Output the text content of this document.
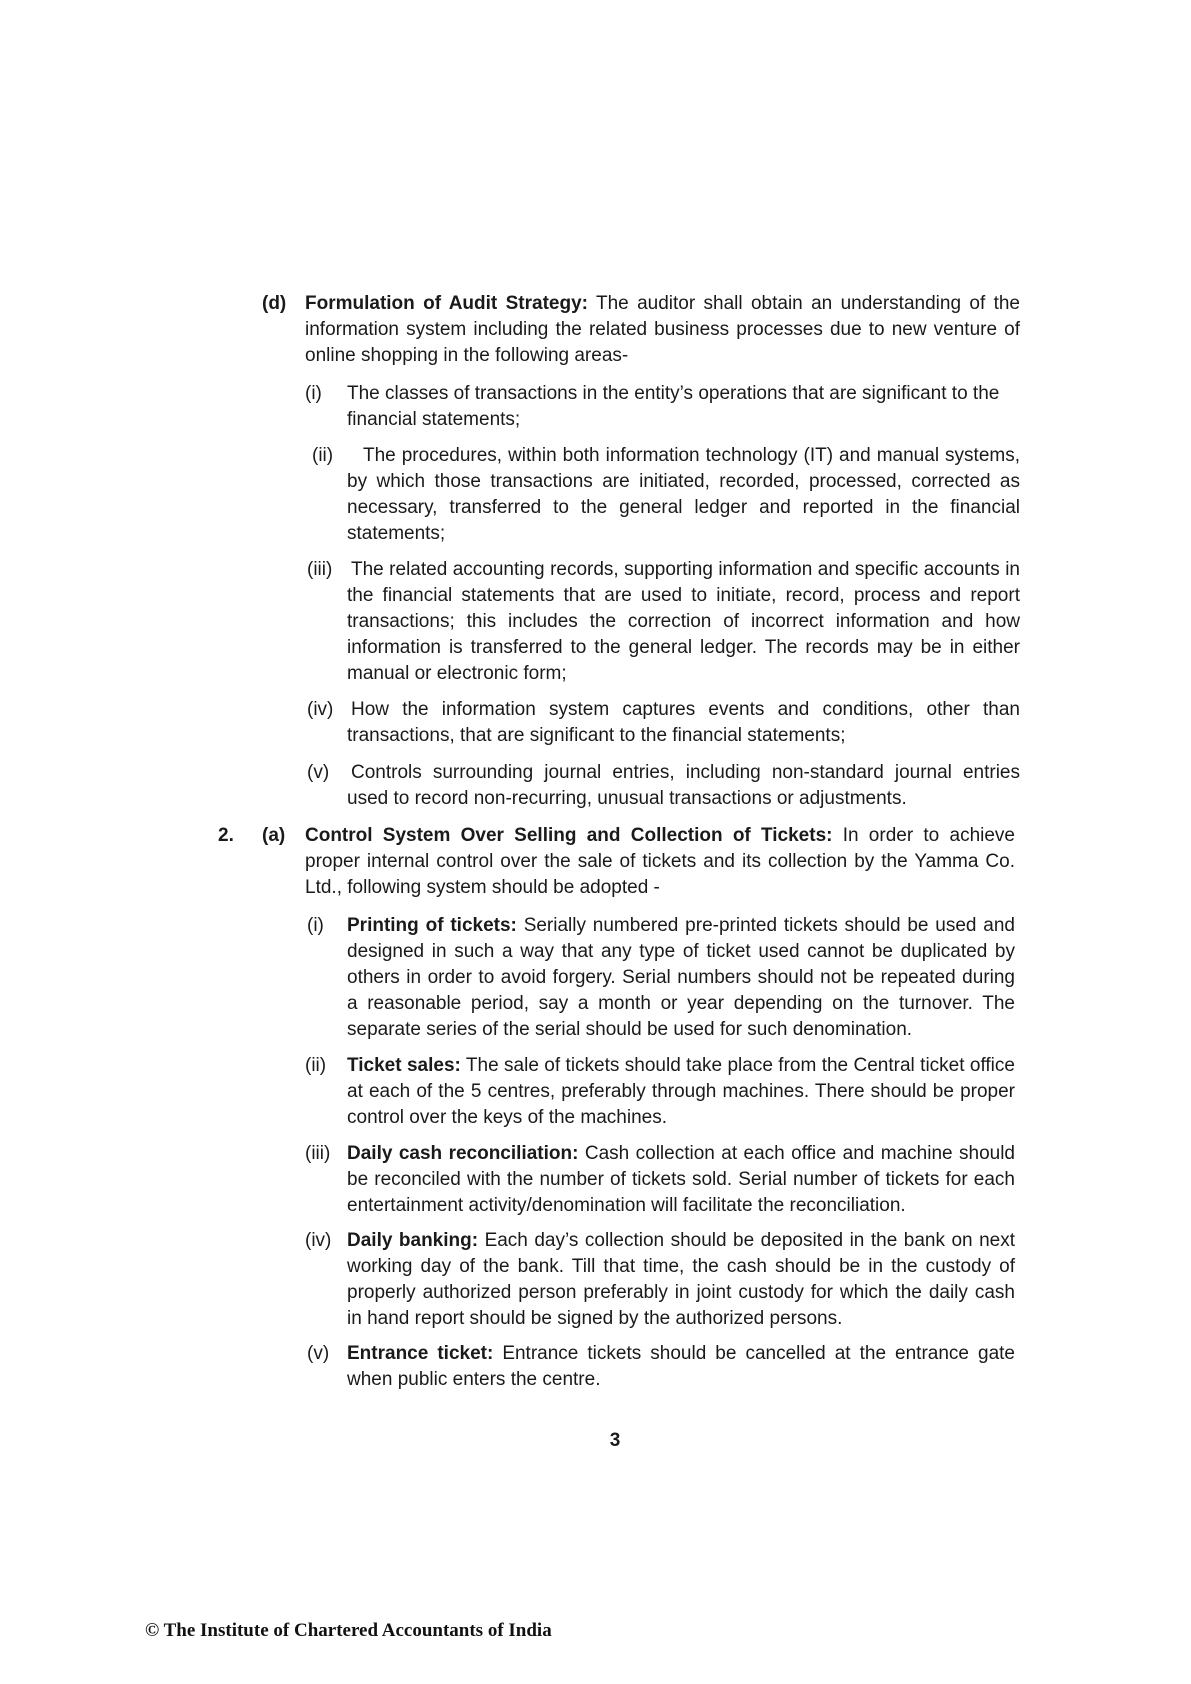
(d) Formulation of Audit Strategy: The auditor shall obtain an understanding of the information system including the related business processes due to new venture of online shopping in the following areas-
(i) The classes of transactions in the entity’s operations that are significant to the financial statements;
(ii)	The procedures, within both information technology (IT) and manual systems, by which those transactions are initiated, recorded, processed, corrected as necessary, transferred to the general ledger and reported in the financial statements;
(iii) The related accounting records, supporting information and specific accounts in the financial statements that are used to initiate, record, process and report transactions; this includes the correction of incorrect information and how information is transferred to the general ledger. The records may be in either manual or electronic form;
(iv) How the information system captures events and conditions, other than transactions, that are significant to the financial statements;
(v) Controls surrounding journal entries, including non-standard journal entries used to record non-recurring, unusual transactions or adjustments.
2. (a) Control System Over Selling and Collection of Tickets: In order to achieve proper internal control over the sale of tickets and its collection by the Yamma Co. Ltd., following system should be adopted -
(i) Printing of tickets: Serially numbered pre-printed tickets should be used and designed in such a way that any type of ticket used cannot be duplicated by others in order to avoid forgery. Serial numbers should not be repeated during a reasonable period, say a month or year depending on the turnover. The separate series of the serial should be used for such denomination.
(ii) Ticket sales: The sale of tickets should take place from the Central ticket office at each of the 5 centres, preferably through machines. There should be proper control over the keys of the machines.
(iii) Daily cash reconciliation: Cash collection at each office and machine should be reconciled with the number of tickets sold. Serial number of tickets for each entertainment activity/denomination will facilitate the reconciliation.
(iv) Daily banking: Each day’s collection should be deposited in the bank on next working day of the bank. Till that time, the cash should be in the custody of properly authorized person preferably in joint custody for which the daily cash in hand report should be signed by the authorized persons.
(v) Entrance ticket: Entrance tickets should be cancelled at the entrance gate when public enters the centre.
3
© The Institute of Chartered Accountants of India
